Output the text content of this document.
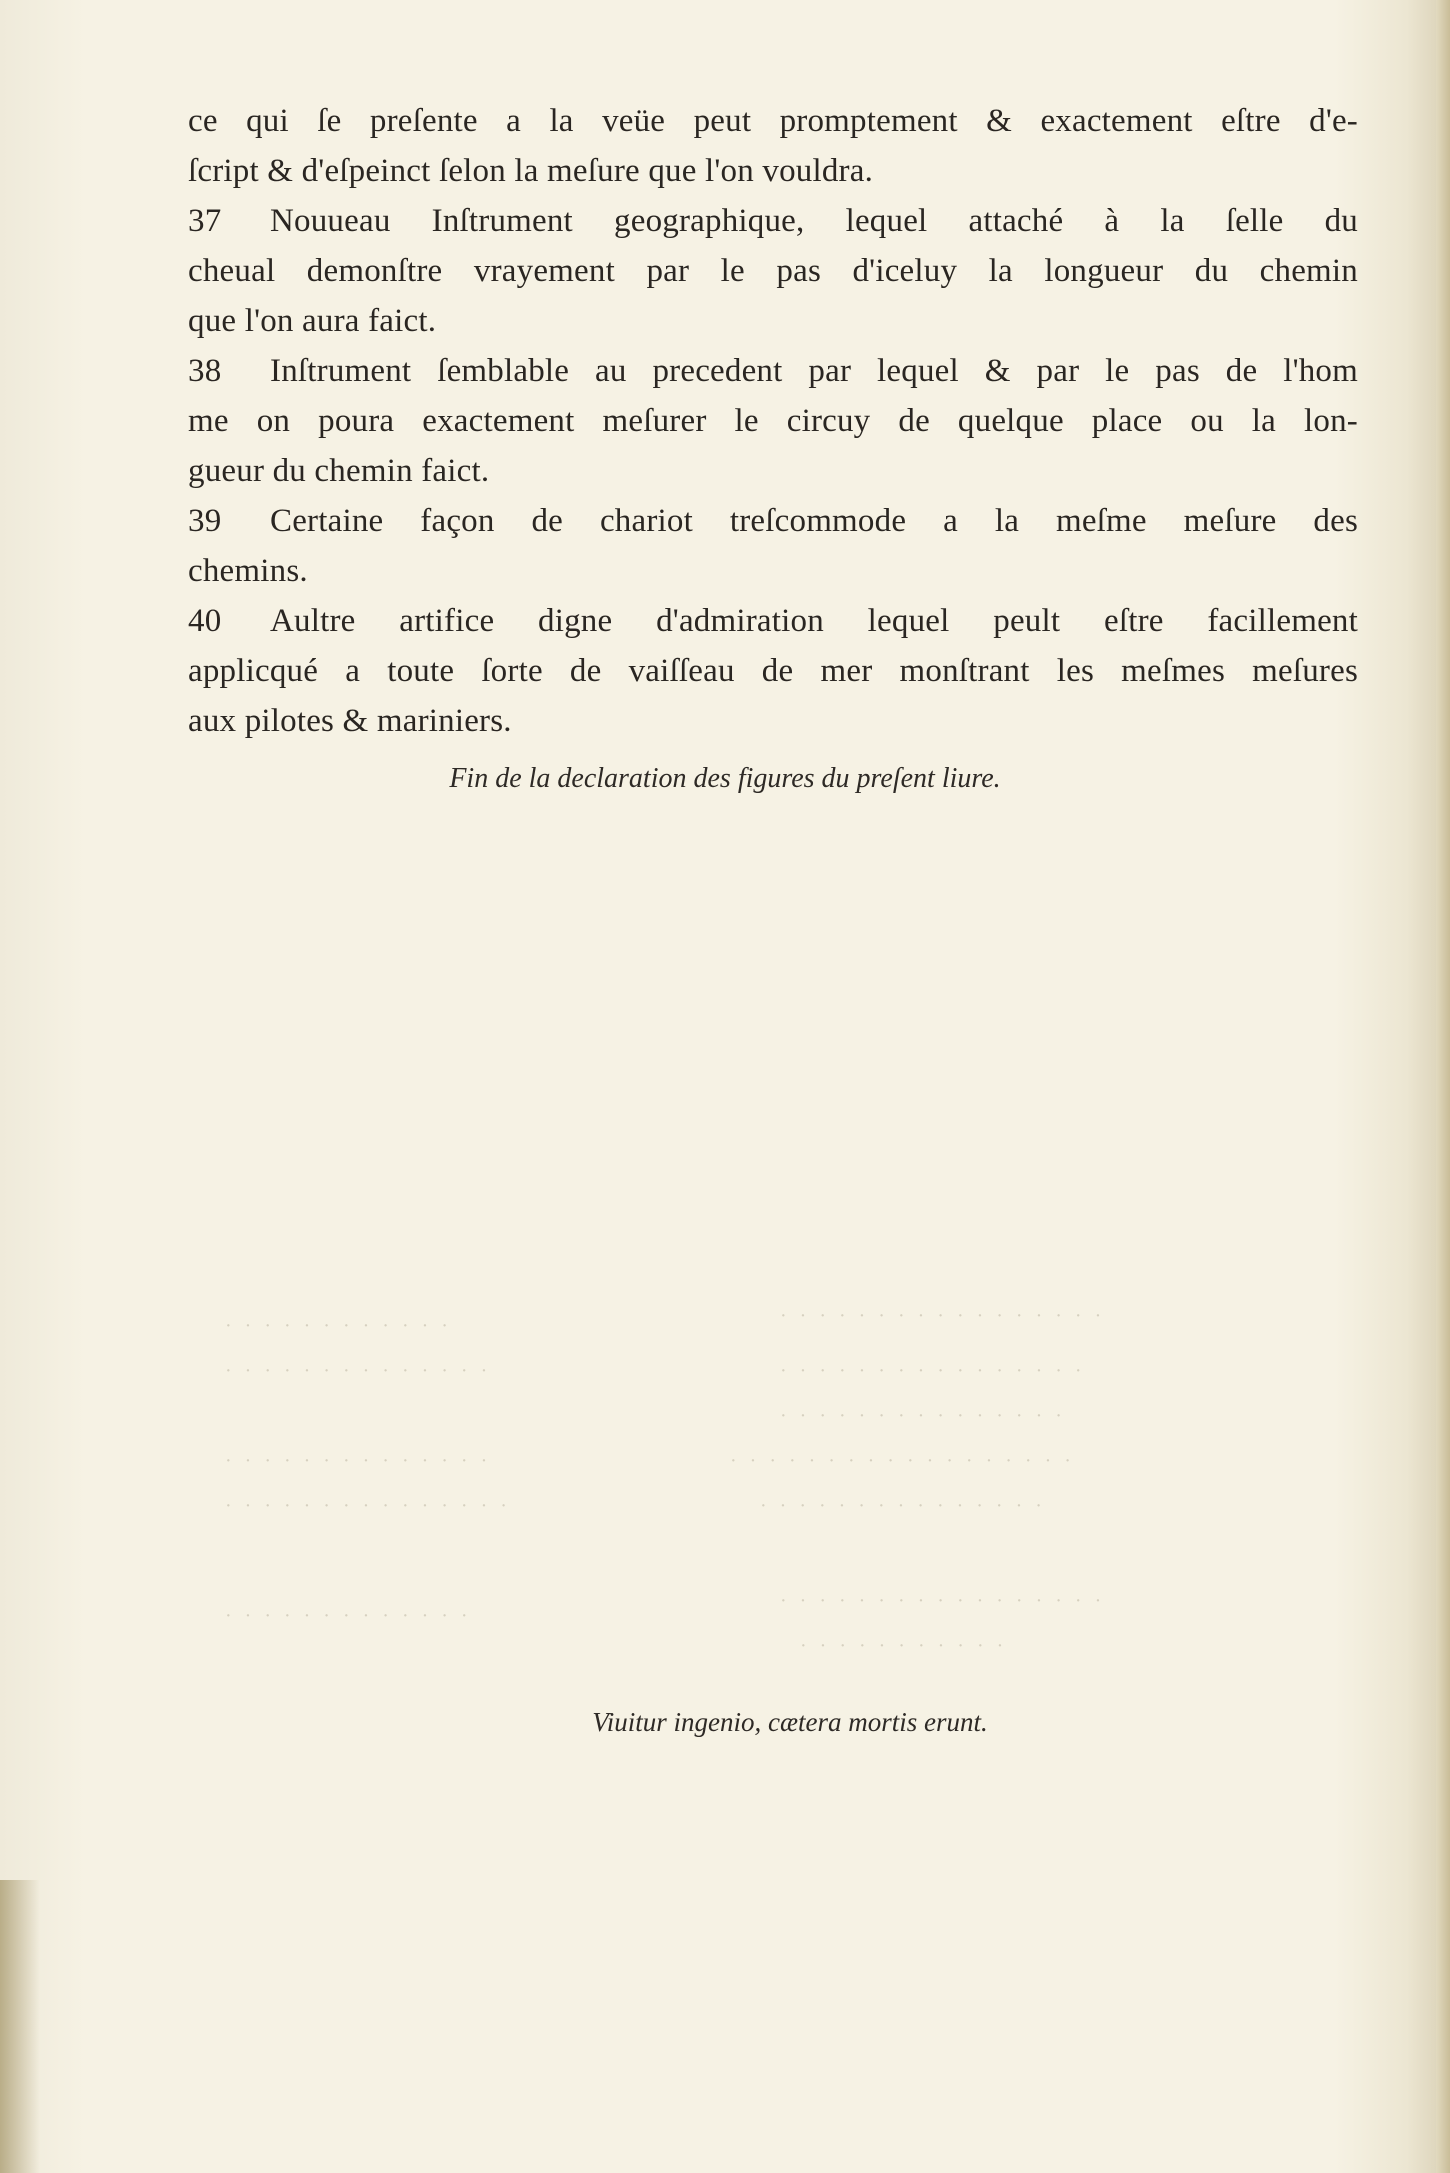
ce qui ſe preſente a la veüe peut promptement & exactement eſtre d'e-
ſcript & d'eſpeinct ſelon la meſure que l'on vouldra.
37 Nouueau Inſtrument geographique, lequel attaché à la ſelle du
cheual demonſtre vrayement par le pas d'iceluy la longueur du chemin
que l'on aura faict.
38 Inſtrument ſemblable au precedent par lequel & par le pas de l'hom
me on poura exactement meſurer le circuy de quelque place ou la lon-
gueur du chemin faict.
39 Certaine façon de chariot treſcommode a la meſme meſure des
chemins.
40 Aultre artifice digne d'admiration lequel peult eſtre facillement
applicqué a toute ſorte de vaiſſeau de mer monſtrant les meſmes meſures
aux pilotes & mariniers.
Fin de la declaration des figures du preſent liure.
· · · · · · · · · · · ·
· · · · · · · · · · · · · ·
· · · · · · · · · · · · · ·
· · · · · · · · · · · · · · ·
· · · · · · · · · · · · ·
· · · · · · · · · · · · · · · · ·
· · · · · · · · · · · · · · · ·
· · · · · · · · · · · · · · ·
· · · · · · · · · · · · · · · · · ·
· · · · · · · · · · · · · · ·
· · · · · · · · · · · · · · · · ·
· · · · · · · · · · ·
Viuitur ingenio, cætera mortis erunt.
